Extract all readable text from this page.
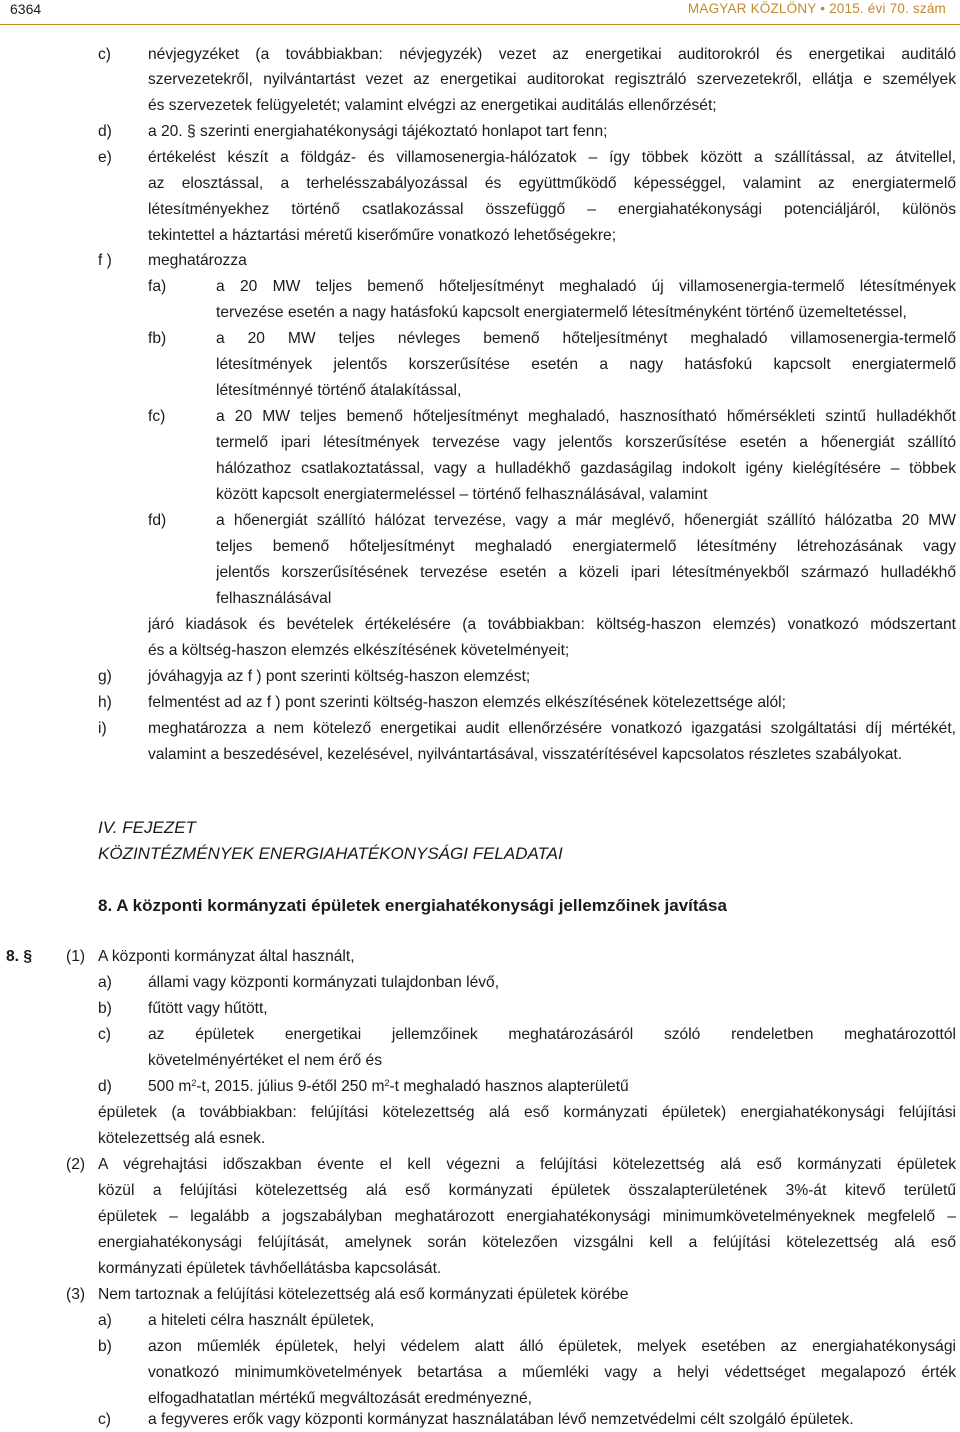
6364	MAGYAR KÖZLÖNY • 2015. évi 70. szám
c) névjegyzéket (a továbbiakban: névjegyzék) vezet az energetikai auditorokról és energetikai auditáló
szervezetekről, nyilvántartást vezet az energetikai auditorokat regisztráló szervezetekről, ellátja e személyek
és szervezetek felügyeletét; valamint elvégzi az energetikai auditálás ellenőrzését;
d) a 20. § szerinti energiahatékonysági tájékoztató honlapot tart fenn;
e) értékelést készít a földgáz- és villamosenergia-hálózatok – így többek között a szállítással, az átvitellel,
az elosztással, a terhelésszabályozással és együttműködő képességgel, valamint az energiatermelő
létesítményekhez történő csatlakozással összefüggő – energiahatékonysági potenciáljáról, különös
tekintettel a háztartási méretű kiserőműre vonatkozó lehetőségekre;
f ) meghatározza
fa)	a 20 MW teljes bemenő hőteljesítményt meghaladó új villamosenergia-termelő létesítmények
tervezése esetén a nagy hatásfokú kapcsolt energiatermelő létesítményként történő üzemeltetéssel,
fb)	a 20 MW teljes névleges bemenő hőteljesítményt meghaladó villamosenergia-termelő
létesítmények jelentős korszerűsítése esetén a nagy hatásfokú kapcsolt energiatermelő
létesítménnyé történő átalakítással,
fc)	a 20 MW teljes bemenő hőteljesítményt meghaladó, hasznosítható hőmérsékleti szintű hulladékhőt
termelő ipari létesítmények tervezése vagy jelentős korszerűsítése esetén a hőenergiát szállító
hálózathoz csatlakoztatással, vagy a hulladékhő gazdaságilag indokolt igény kielégítésére – többek
között kapcsolt energiatermeléssel – történő felhasználásával, valamint
fd)	a hőenergiát szállító hálózat tervezése, vagy a már meglévő, hőenergiát szállító hálózatba 20 MW
teljes bemenő hőteljesítményt meghaladó energiatermelő létesítmény létrehozásának vagy
jelentős korszerűsítésének tervezése esetén a közeli ipari létesítményekből származó hulladékhő
felhasználásával
járó kiadások és bevételek értékelésére (a továbbiakban: költség-haszon elemzés) vonatkozó módszertant
és a költség-haszon elemzés elkészítésének követelményeit;
g) jóváhagyja az f ) pont szerinti költség-haszon elemzést;
h) felmentést ad az f ) pont szerinti költség-haszon elemzés elkészítésének kötelezettsége alól;
i)	meghatározza a nem kötelező energetikai audit ellenőrzésére vonatkozó igazgatási szolgáltatási díj mértékét,
valamint a beszedésével, kezelésével, nyilvántartásával, visszatérítésével kapcsolatos részletes szabályokat.
IV. FEJEZET
KÖZINTÉZMÉNYEK ENERGIAHATÉKONYSÁGI FELADATAI
8. A központi kormányzati épületek energiahatékonysági jellemzőinek javítása
8. § (1) A központi kormányzat által használt,
a) állami vagy központi kormányzati tulajdonban lévő,
b) fűtött vagy hűtött,
c) az épületek energetikai jellemzőinek meghatározásáról szóló rendeletben meghatározottól
követelményértéket el nem érő és
d) 500 $m^2-t$, 2015. július 9-étől 250 $m^2-t$ meghaladó hasznos alapterületű
épületek (a továbbiakban: felújítási kötelezettség alá eső kormányzati épületek) energiahatékonysági felújítási
kötelezettség alá esnek.
(2) A végrehajtási időszakban évente el kell végezni a felújítási kötelezettség alá eső kormányzati épületek
közül a felújítási kötelezettség alá eső kormányzati épületek összalapterületének 3%-át kitevő területű
épületek – legalább a jogszabályban meghatározott energiahatékonysági minimumkövetelményeknek megfelelő –
energiahatékonysági felújítását, amelynek során kötelezően vizsgálni kell a felújítási kötelezettség alá eső
kormányzati épületek távhőellátásba kapcsolását.
(3) Nem tartoznak a felújítási kötelezettség alá eső kormányzati épületek körébe
a) a hiteleti célra használt épületek,
b) azon műemlék épületek, helyi védelem alatt álló épületek, melyek esetében az energiahatékonysági
vonatkozó minimumkövetelmények betartása a műemléki vagy a helyi védettséget megalapozó érték
elfogadhatatlan mértékű megváltozását eredményezné,
c) a fegyveres erők vagy központi kormányzat használatában lévő nemzetvédelmi célt szolgáló épületek.
